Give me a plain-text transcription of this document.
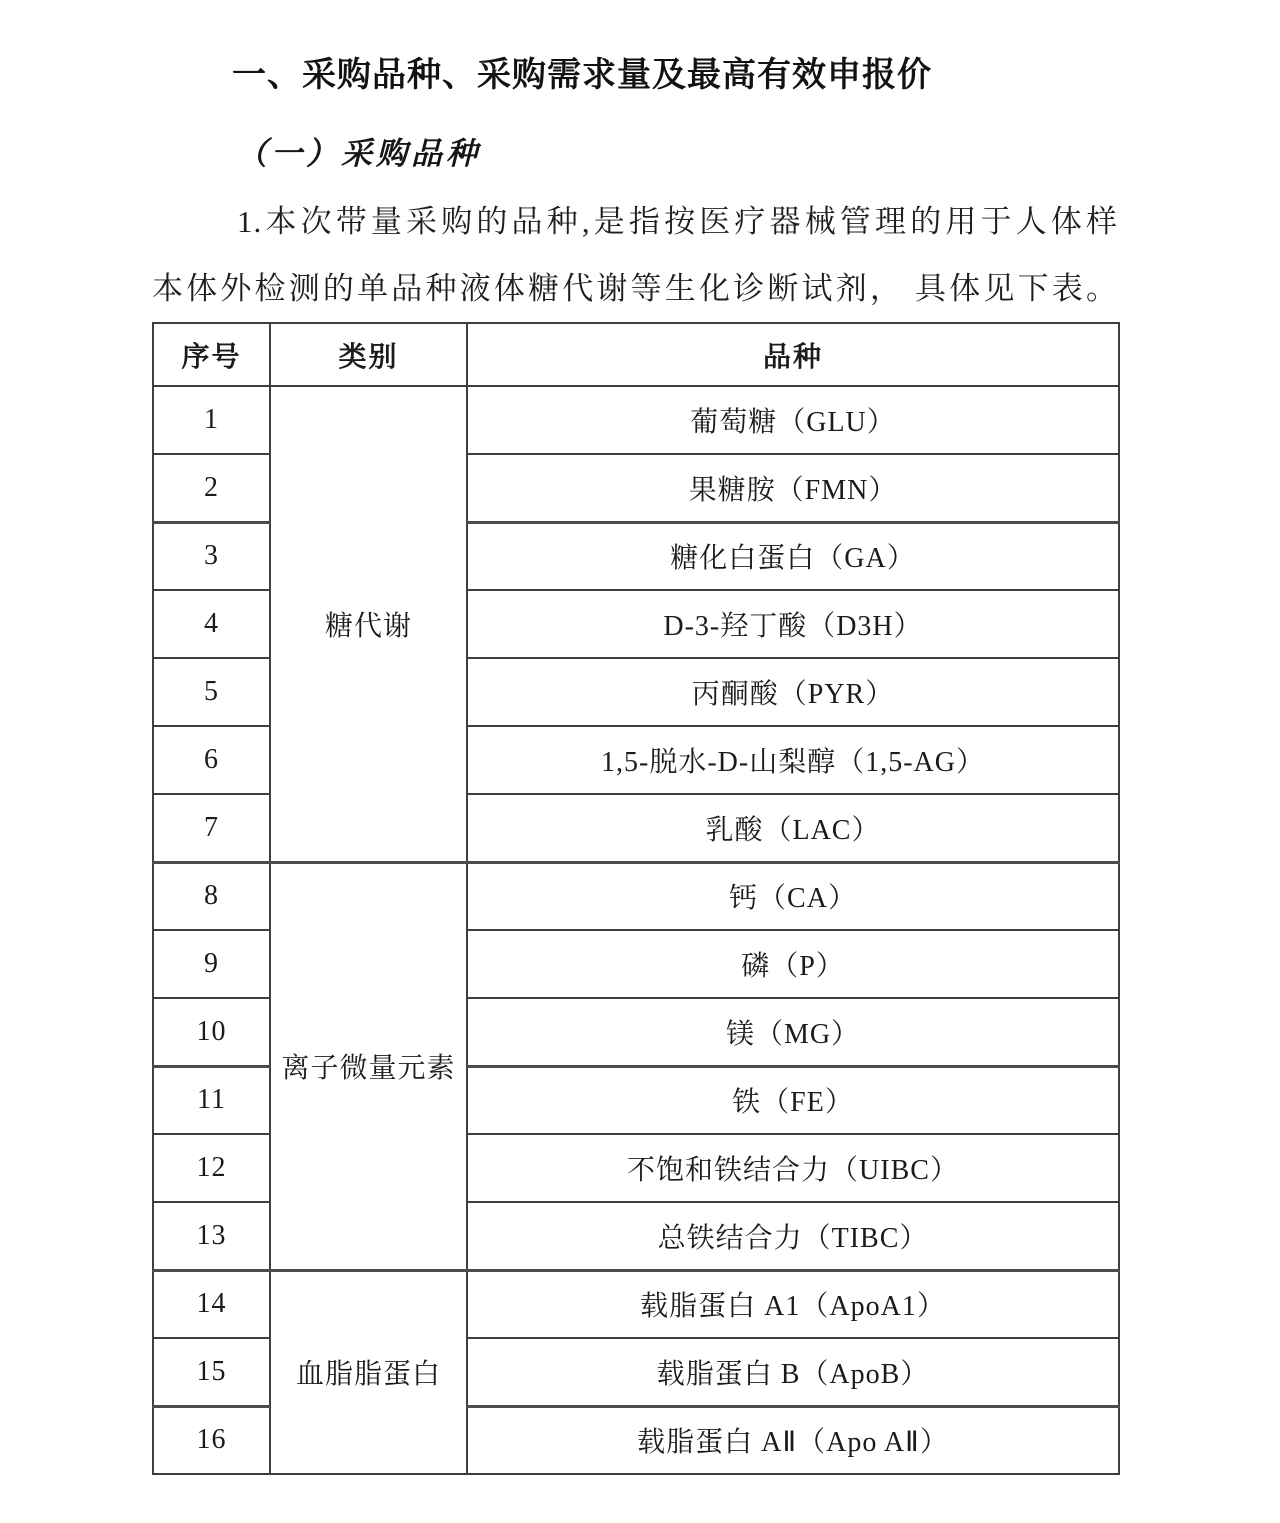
一、采购品种、采购需求量及最高有效申报价
（一）采购品种
1.本次带量采购的品种,是指按医疗器械管理的用于人体样
本体外检测的单品种液体糖代谢等生化诊断试剂， 具体见下表。
序号	类别	品种
1	糖代谢	葡萄糖（GLU）
2		果糖胺（FMN）
3		糖化白蛋白（GA）
4		D-3-羟丁酸（D3H）
5		丙酮酸（PYR）
6		1,5-脱水-D-山梨醇（1,5-AG）
7		乳酸（LAC）
8	离子微量元素	钙（CA）
9		磷（P）
10		镁（MG）
11		铁（FE）
12		不饱和铁结合力（UIBC）
13		总铁结合力（TIBC）
14	血脂脂蛋白	载脂蛋白 A1（ApoA1）
15		载脂蛋白 B（ApoB）
16		载脂蛋白 AⅡ（Apo AⅡ）
